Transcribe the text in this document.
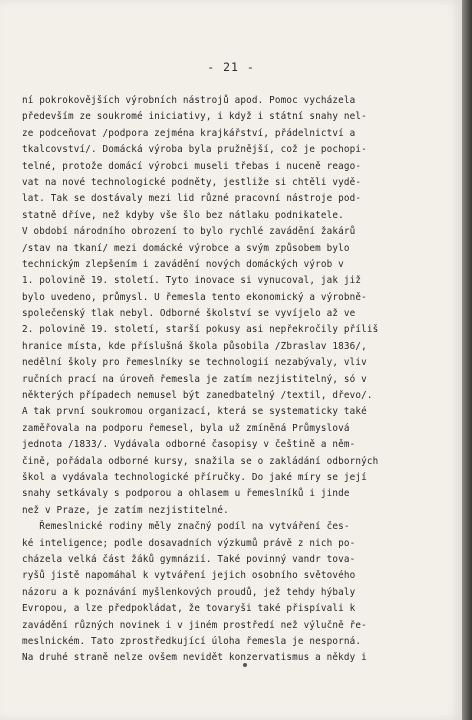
- 21 -
ní pokrokovějších výrobních nástrojů apod. Pomoc vycházela
především ze soukromé iniciativy, i když i státní snahy nel-
ze podceňovat /podpora zejména krajkářství, přádelnictví a
tkalcovství/. Domácká výroba byla pružnější, což je pochopi-
telné, protože domácí výrobci museli třebas i nuceně reago-
vat na nové technologické podněty, jestliže si chtěli vydě-
lat. Tak se dostávaly mezi lid různé pracovní nástroje pod-
statně dříve, než kdyby vše šlo bez nátlaku podnikatele.
V období národního obrození to bylo rychlé zavádění žakárů
/stav na tkaní/ mezi domácké výrobce a svým způsobem bylo
technickým zlepšením i zavádění nových domáckých výrob v
1. polovině 19. století. Tyto inovace si vynucoval, jak již
bylo uvedeno, průmysl. U řemesla tento ekonomický a výrobně-
společenský tlak nebyl. Odborné školství se vyvíjelo až ve
2. polovině 19. století, starší pokusy asi nepřekročily příliš
hranice místa, kde příslušná škola působila /Zbraslav 1836/,
nedělní školy pro řemeslníky se technologií nezabývaly, vliv
ručních prací na úroveň řemesla je zatím nezjistitelný, só v
některých případech nemusel být zanedbatelný /textil, dřevo/.
A tak první soukromou organizací, která se systematicky také
zaměřovala na podporu řemesel, byla už zmíněná Průmyslová
jednota /1833/. Vydávala odborné časopisy v češtině a něm-
čině, pořádala odborné kursy, snažila se o zakládání odborných
škol a vydávala technologické příručky. Do jaké míry se její
snahy setkávaly s podporou a ohlasem u řemeslníků i jinde
než v Praze, je zatím nezjistitelné.
Řemeslnické rodiny měly značný podíl na vytváření čes-
ké inteligence; podle dosavadních výzkumů právě z nich po-
cházela velká část žáků gymnázií. Také povinný vandr tova-
ryšů jistě napomáhal k vytváření jejich osobního světového
názoru a k poznávání myšlenkových proudů, jež tehdy hýbaly
Evropou, a lze předpokládat, že tovaryši také přispívali k
zavádění různých novinek i v jiném prostředí než výlučně ře-
meslnickém. Tato zprostředkující úloha řemesla je nesporná.
Na druhé straně nelze ovšem nevidět konzervatismus a někdy i
